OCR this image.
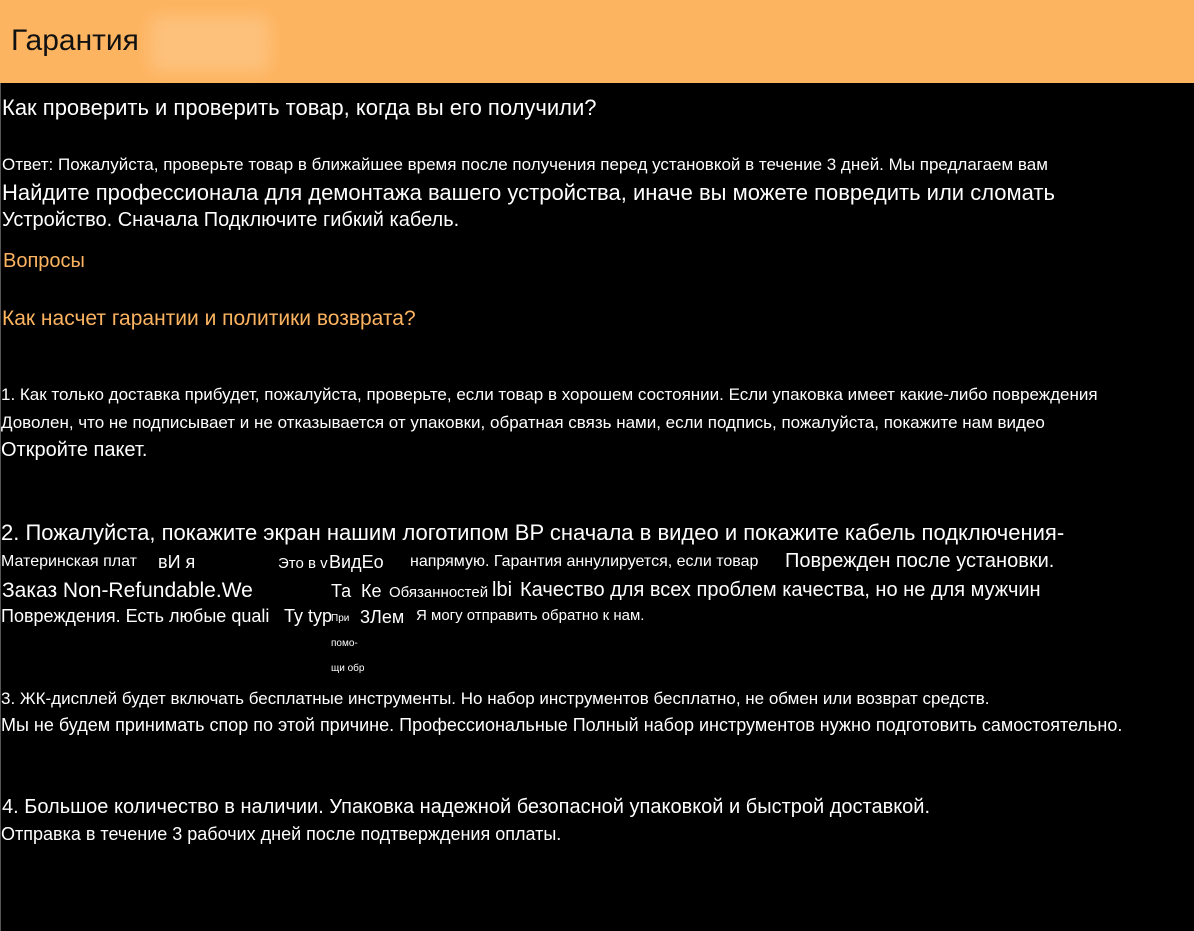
Гарантия
Как проверить и проверить товар, когда вы его получили?
Ответ: Пожалуйста, проверьте товар в ближайшее время после получения перед установкой в течение 3 дней. Мы предлагаем вам
Найдите профессионала для демонтажа вашего устройства, иначе вы можете повредить или сломать
Устройство. Сначала Подключите гибкий кабель.
Вопросы
Как насчет гарантии и политики возврата?
1. Как только доставка прибудет, пожалуйста, проверьте, если товар в хорошем состоянии. Если упаковка имеет какие-либо повреждения
Доволен, что не подписывает и не отказывается от упаковки, обратная связь нами, если подпись, пожалуйста, покажите нам видео
Откройте пакет.
2. Пожалуйста, покажите экран нашим логотипом BP сначала в видео и покажите кабель подключения-
Материнская плат вИ я	Это в v ВидЕо напрямую. Гарантия аннулируется, если товар Поврежден после установки.
Заказ Non-Refundable.We	Та Ке Обязанностей lbi Качество для всех проблем качества, но не для мужчин
Повреждения. Есть любые quali Ty typ
При 3Лем Я могу отправить обратно к нам.
помо-
щи обр
3. ЖК-дисплей будет включать бесплатные инструменты. Но набор инструментов бесплатно, не обмен или возврат средств.
Мы не будем принимать спор по этой причине. Профессиональные Полный набор инструментов нужно подготовить самостоятельно.
4. Большое количество в наличии. Упаковка надежной безопасной упаковкой и быстрой доставкой.
Отправка в течение 3 рабочих дней после подтверждения оплаты.
